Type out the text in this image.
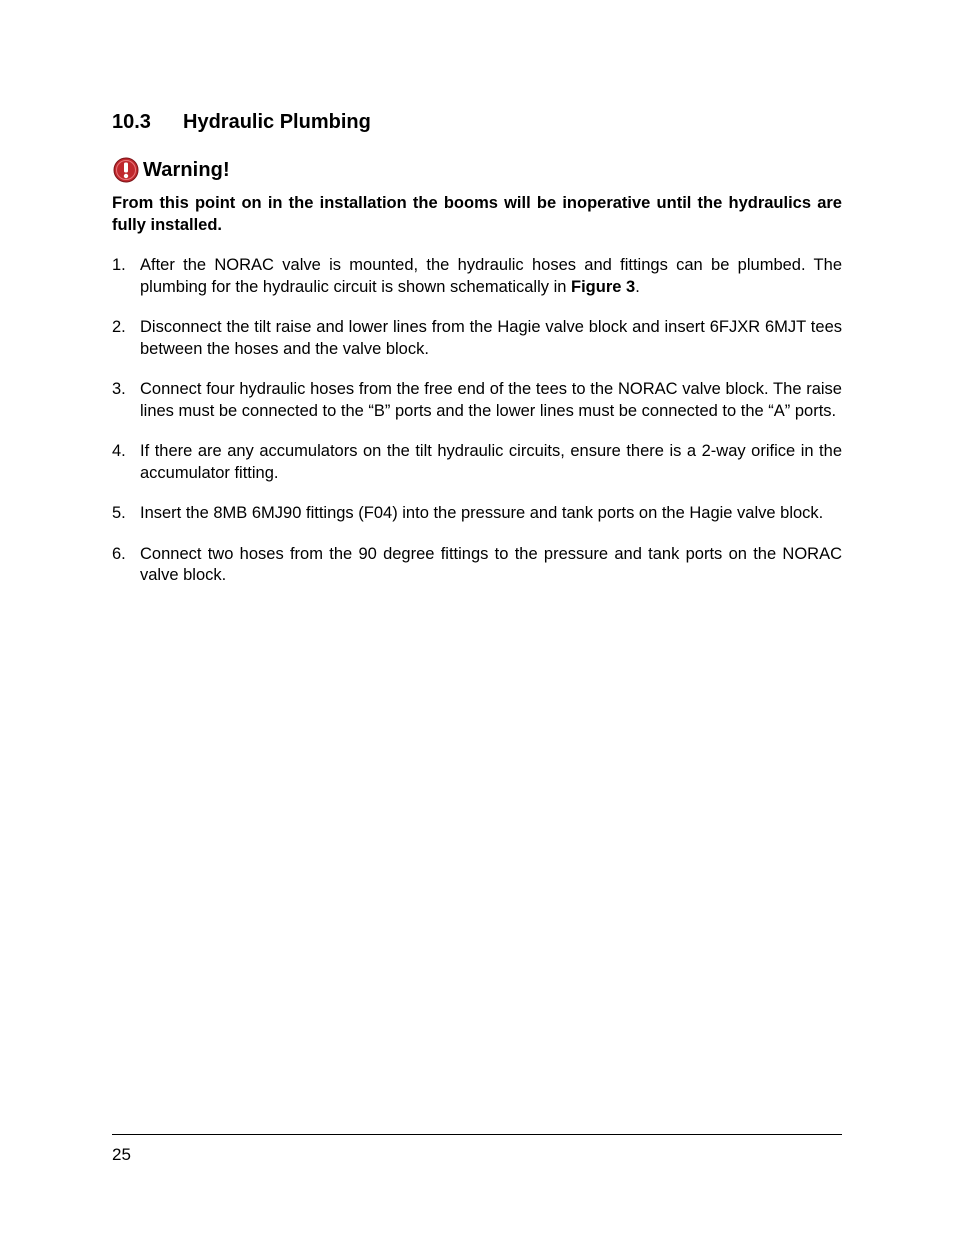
10.3 Hydraulic Plumbing
Warning!

From this point on in the installation the booms will be inoperative until the hydraulics are fully installed.

1. After the NORAC valve is mounted, the hydraulic hoses and fittings can be plumbed. The plumbing for the hydraulic circuit is shown schematically in Figure 3.
2. Disconnect the tilt raise and lower lines from the Hagie valve block and insert 6FJXR 6MJT tees between the hoses and the valve block.
3. Connect four hydraulic hoses from the free end of the tees to the NORAC valve block. The raise lines must be connected to the “B” ports and the lower lines must be connected to the “A” ports.
4. If there are any accumulators on the tilt hydraulic circuits, ensure there is a 2-way orifice in the accumulator fitting.
5. Insert the 8MB 6MJ90 fittings (F04) into the pressure and tank ports on the Hagie valve block.
6. Connect two hoses from the 90 degree fittings to the pressure and tank ports on the NORAC valve block.
25
